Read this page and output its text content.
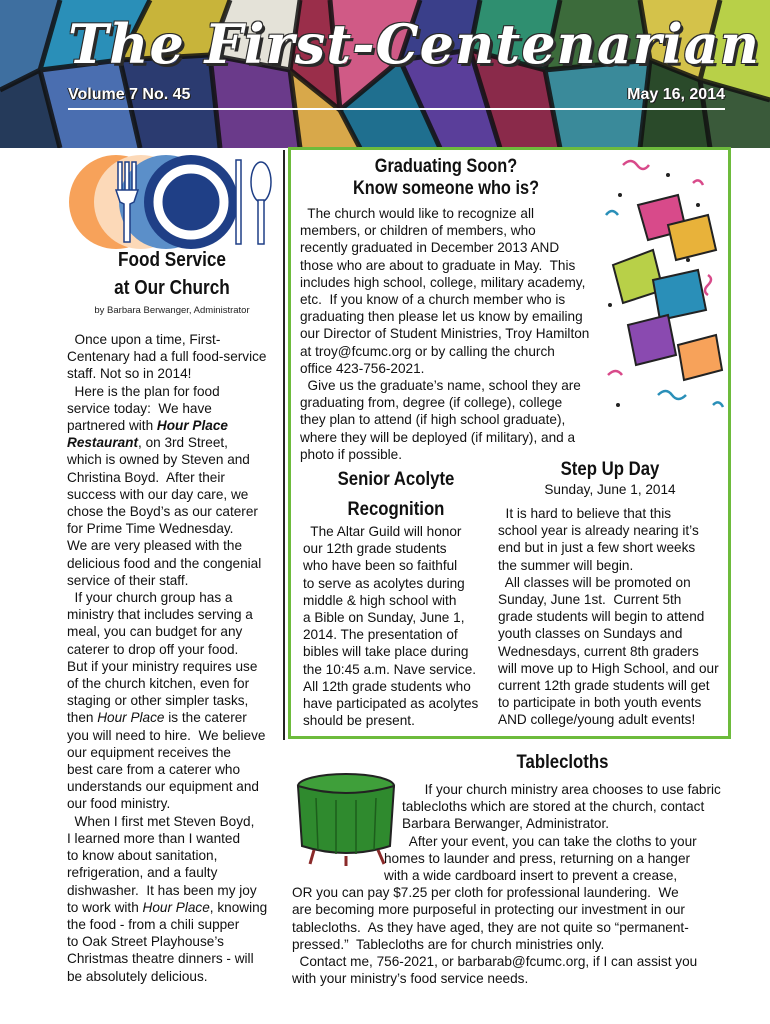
The First-Centenarian
Volume 7 No. 45	May 16, 2014
Food Service
at Our Church
by Barbara Berwanger, Administrator
Once upon a time, First-
Centenary had a full food-service
staff. Not so in 2014!
Here is the plan for food
service today:  We have
partnered with Hour Place
Restaurant, on 3rd Street,
which is owned by Steven and
Christina Boyd.  After their
success with our day care, we
chose the Boyd’s as our caterer
for Prime Time Wednesday.
We are very pleased with the
delicious food and the congenial
service of their staff.
If your church group has a
ministry that includes serving a
meal, you can budget for any
caterer to drop off your food.
But if your ministry requires use
of the church kitchen, even for
staging or other simpler tasks,
then Hour Place is the caterer
you will need to hire.  We believe
our equipment receives the
best care from a caterer who
understands our equipment and
our food ministry.
When I first met Steven Boyd,
I learned more than I wanted
to know about sanitation,
refrigeration, and a faulty
dishwasher.  It has been my joy
to work with Hour Place, knowing
the food - from a chili supper
to Oak Street Playhouse’s
Christmas theatre dinners - will
be absolutely delicious.
Graduating Soon?
Know someone who is?
The church would like to recognize all
members, or children of members, who
recently graduated in December 2013 AND
those who are about to graduate in May.  This
includes high school, college, military academy,
etc.  If you know of a church member who is
graduating then please let us know by emailing
our Director of Student Ministries, Troy Hamilton
at troy@fcumc.org or by calling the church
office 423-756-2021.
Give us the graduate’s name, school they are
graduating from, degree (if college), college
they plan to attend (if high school graduate),
where they will be deployed (if military), and a
photo if possible.
Senior Acolyte
Recognition
The Altar Guild will honor
our 12th grade students
who have been so faithful
to serve as acolytes during
middle & high school with
a Bible on Sunday, June 1,
2014. The presentation of
bibles will take place during
the 10:45 a.m. Nave service.
All 12th grade students who
have participated as acolytes
should be present.
Step Up Day
Sunday, June 1, 2014
It is hard to believe that this
school year is already nearing it’s
end but in just a few short weeks
the summer will begin.
All classes will be promoted on
Sunday, June 1st.  Current 5th
grade students will begin to attend
youth classes on Sundays and
Wednesdays, current 8th graders
will move up to High School, and our
current 12th grade students will get
to participate in both youth events
AND college/young adult events!
Tablecloths
If your church ministry area chooses to use fabric
tablecloths which are stored at the church, contact
Barbara Berwanger, Administrator.
After your event, you can take the cloths to your
homes to launder and press, returning on a hanger
with a wide cardboard insert to prevent a crease,
OR you can pay $7.25 per cloth for professional laundering.  We
are becoming more purposeful in protecting our investment in our
tablecloths.  As they have aged, they are not quite so “permanent-
pressed.”  Tablecloths are for church ministries only.
Contact me, 756-2021, or barbarab@fcumc.org, if I can assist you
with your ministry’s food service needs.
